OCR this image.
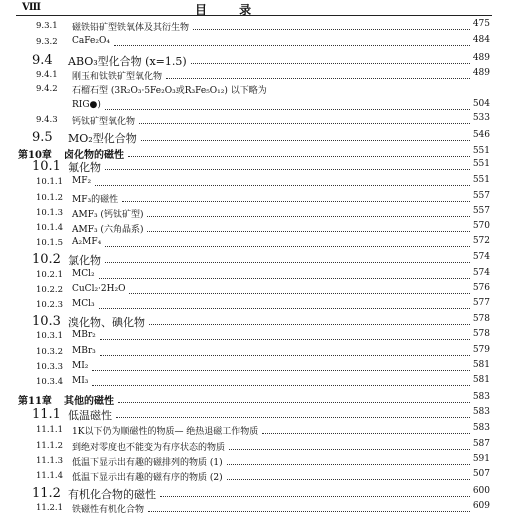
Ⅷ	目 录
9.3.1 磁铁铅矿型铁氧体及其衍生物	475
9.3.2 CaFe₂O₄	484
9.4 ABO₃型化合物 (x=1.5)	489
9.4.1 刚玉和钛铁矿型氧化物	489
9.4.2 石榴石型 (3R₂O₃·5Fe₂O₃或R₃Fe₅O₁₂) 以下略为
RIG●)	504
9.4.3 钙钛矿型氧化物	533
9.5 MO₂型化合物	546
第10章 卤化物的磁性	551
10.1 氟化物	551
10.1.1 MF₂	551
10.1.2 MF₃的磁性	557
10.1.3 AMF₃ (钙钛矿型)	557
10.1.4 AMF₃ (六角晶系)	570
10.1.5 A₂MF₄	572
10.2 氯化物	574
10.2.1 MCl₂	574
10.2.2 CuCl₂·2H₂O	576
10.2.3 MCl₃	577
10.3 溴化物、碘化物	578
10.3.1 MBr₂	578
10.3.2 MBr₃	579
10.3.3 MI₂	581
10.3.4 MI₃	581
第11章 其他的磁性	583
11.1 低温磁性	583
11.1.1 1K以下仍为顺磁性的物质— 绝热退磁工作物质	583
11.1.2 到绝对零度也不能变为有序状态的物质	587
11.1.3 低温下显示出有趣的磁排列的物质 (1)	591
11.1.4 低温下显示出有趣的磁有序的物质 (2)	507
11.2 有机化合物的磁性	600
11.2.1 铁磁性有机化合物	609
